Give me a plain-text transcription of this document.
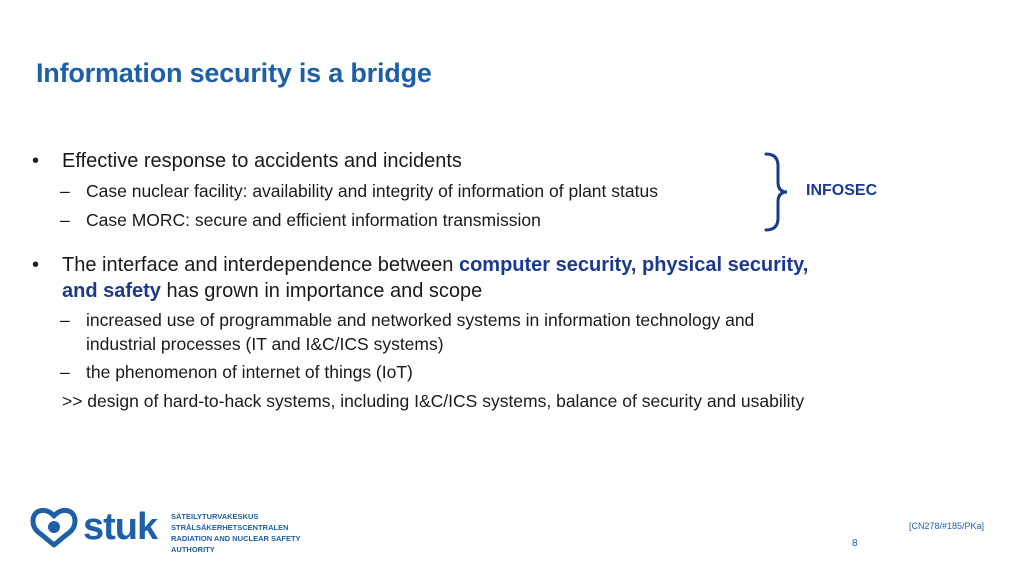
Information security is a bridge
• Effective response to accidents and incidents
– Case nuclear facility: availability and integrity of information of plant status
– Case MORC: secure and efficient information transmission
• The interface and interdependence between computer security, physical security,
and safety has grown in importance and scope
– increased use of programmable and networked systems in information technology and
industrial processes (IT and I&C/ICS systems)
– the phenomenon of internet of things (IoT)
>> design of hard-to-hack systems, including I&C/ICS systems, balance of security and usability
INFOSEC
stuk SÄTEILYTURVAKESKUS
STRÅLSÄKERHETSCENTRALEN
RADIATION AND NUCLEAR SAFETY AUTHORITY
[CN278/#185/PKa]
8
